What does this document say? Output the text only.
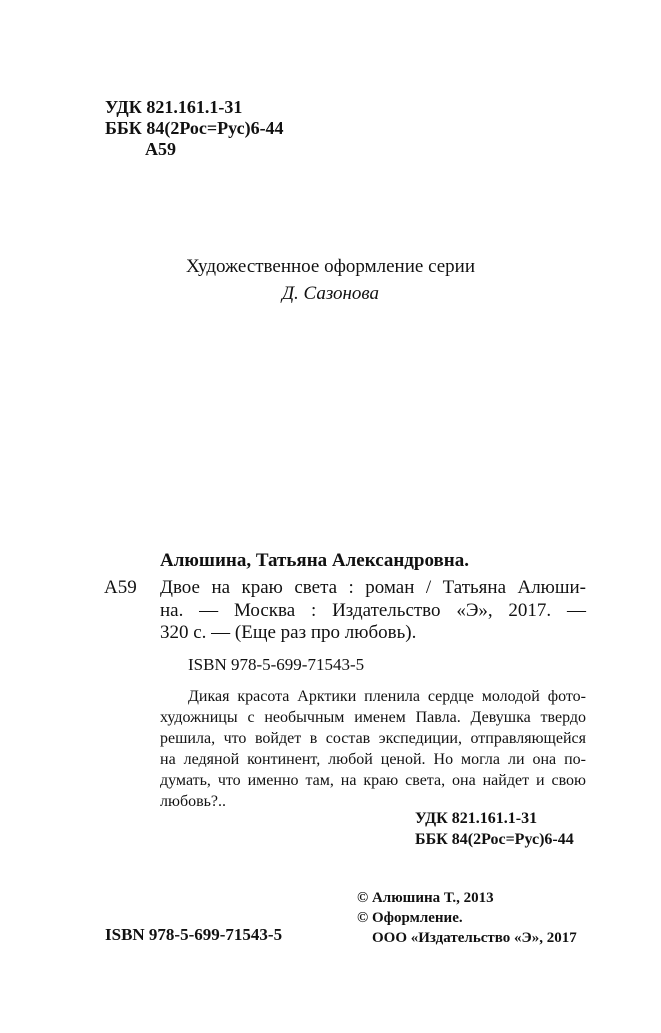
УДК 821.161.1-31
ББК 84(2Рос=Рус)6-44
А59
Художественное оформление серии
Д. Сазонова
Алюшина, Татьяна Александровна.
А59 Двое на краю света : роман / Татьяна Алюши-
на. — Москва : Издательство «Э», 2017. —
320 с. — (Еще раз про любовь).
ISBN 978-5-699-71543-5
Дикая красота Арктики пленила сердце молодой фото-
художницы с необычным именем Павла. Девушка твердо
решила, что войдет в состав экспедиции, отправляющейся
на ледяной континент, любой ценой. Но могла ли она по-
думать, что именно там, на краю света, она найдет и свою
любовь?..
УДК 821.161.1-31
ББК 84(2Рос=Рус)6-44
© Алюшина Т., 2013
© Оформление.
ООО «Издательство «Э», 2017
ISBN 978-5-699-71543-5
